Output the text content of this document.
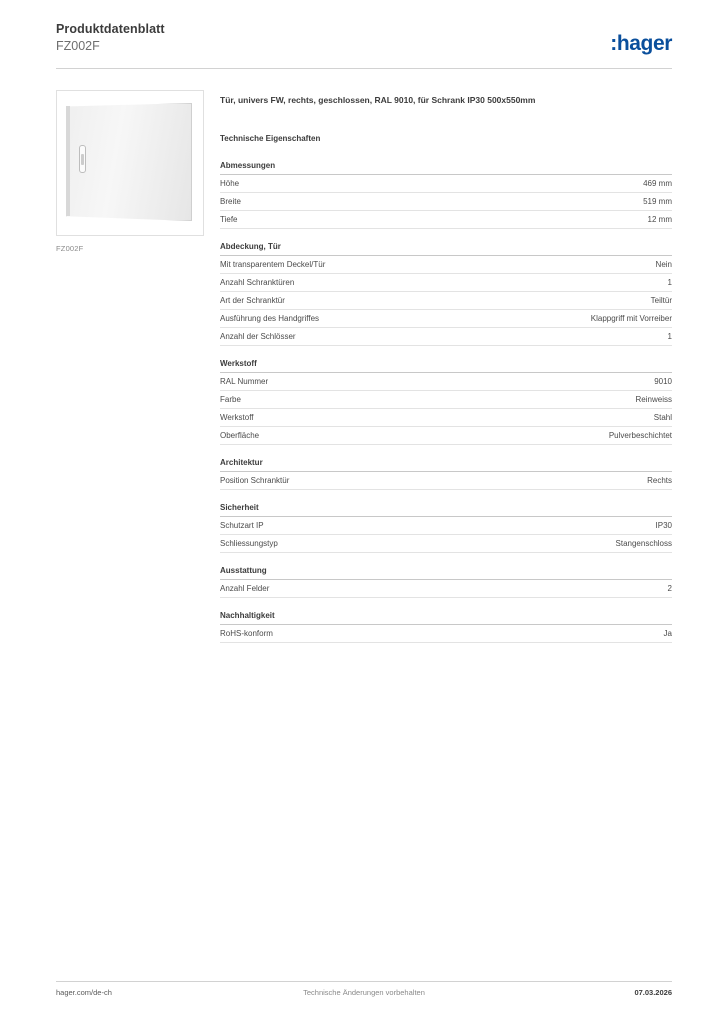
Produktdatenblatt
FZ002F	:hager
FZ002F
Tür, univers FW, rechts, geschlossen, RAL 9010, für Schrank IP30 500x550mm
Technische Eigenschaften
Abmessungen
Höhe	469 mm
Breite	519 mm
Tiefe	12 mm
Abdeckung, Tür
Mit transparentem Deckel/Tür	Nein
Anzahl Schranktüren	1
Art der Schranktür	Teiltür
Ausführung des Handgriffes	Klappgriff mit Vorreiber
Anzahl der Schlösser	1
Werkstoff
RAL Nummer	9010
Farbe	Reinweiss
Werkstoff	Stahl
Oberfläche	Pulverbeschichtet
Architektur
Position Schranktür	Rechts
Sicherheit
Schutzart IP	IP30
Schliessungstyp	Stangenschloss
Ausstattung
Anzahl Felder	2
Nachhaltigkeit
RoHS-konform	Ja
hager.com/de-ch	Technische Änderungen vorbehalten	07.03.2026
